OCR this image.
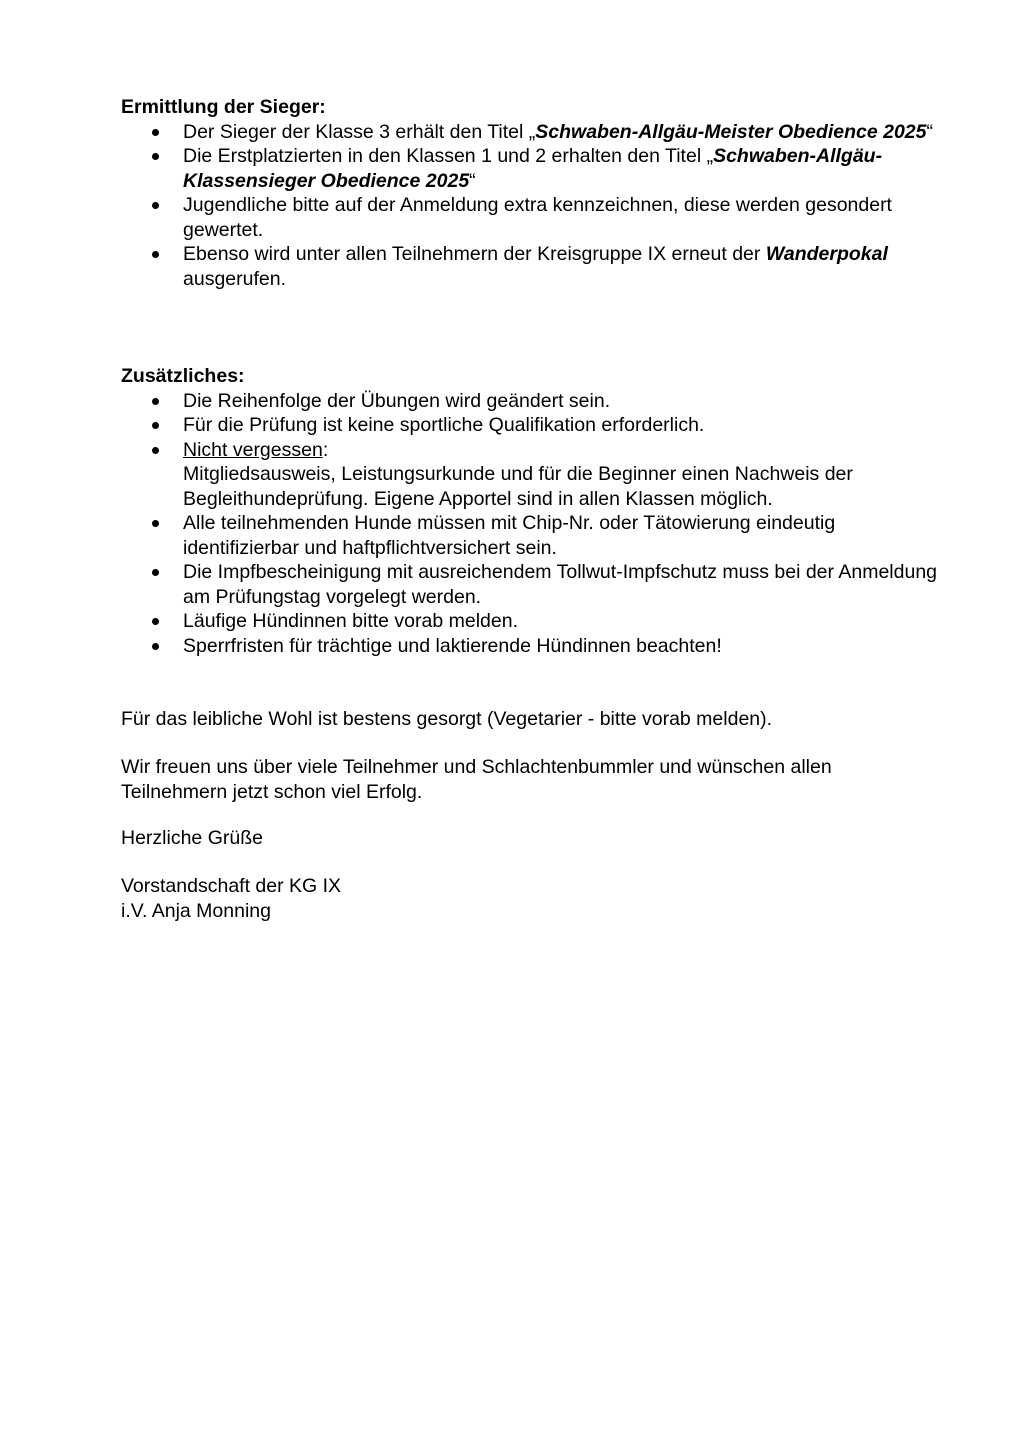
Ermittlung der Sieger:

Der Sieger der Klasse 3 erhält den Titel „Schwaben-Allgäu-Meister Obedience 2025“
Die Erstplatzierten in den Klassen 1 und 2 erhalten den Titel „Schwaben-Allgäu-Klassensieger Obedience 2025“
Jugendliche bitte auf der Anmeldung extra kennzeichnen, diese werden gesondert gewertet.
Ebenso wird unter allen Teilnehmern der Kreisgruppe IX erneut der Wanderpokal ausgerufen.

Zusätzliches:

Die Reihenfolge der Übungen wird geändert sein.
Für die Prüfung ist keine sportliche Qualifikation erforderlich.
Nicht vergessen:
Mitgliedsausweis, Leistungsurkunde und für die Beginner einen Nachweis der Begleithundeprüfung. Eigene Apportel sind in allen Klassen möglich.
Alle teilnehmenden Hunde müssen mit Chip-Nr. oder Tätowierung eindeutig identifizierbar und haftpflichtversichert sein.
Die Impfbescheinigung mit ausreichendem Tollwut-Impfschutz muss bei der Anmeldung am Prüfungstag vorgelegt werden.
Läufige Hündinnen bitte vorab melden.
Sperrfristen für trächtige und laktierende Hündinnen beachten!

Für das leibliche Wohl ist bestens gesorgt (Vegetarier - bitte vorab melden).

Wir freuen uns über viele Teilnehmer und Schlachtenbummler und wünschen allen Teilnehmern jetzt schon viel Erfolg.

Herzliche Grüße

Vorstandschaft der KG IX
i.V. Anja Monning
